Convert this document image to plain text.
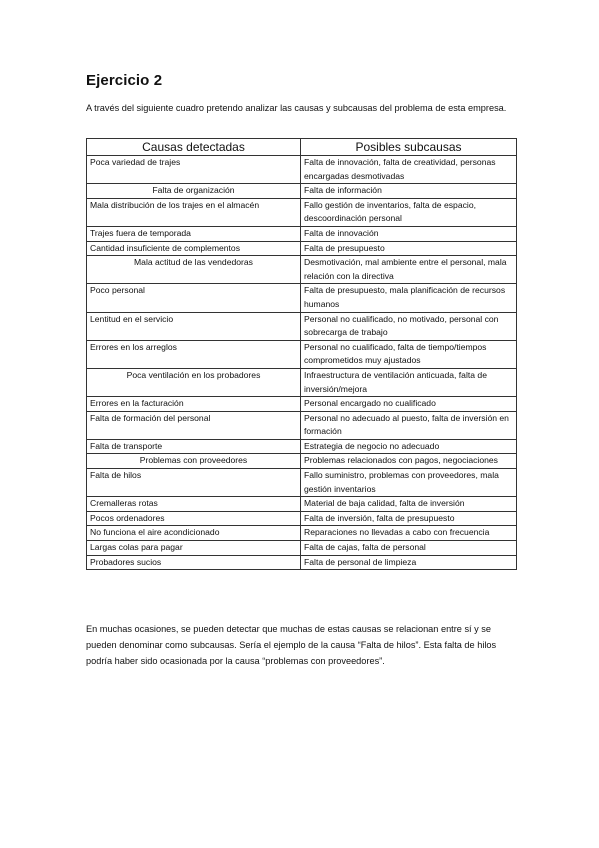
Ejercicio 2

A través del siguiente cuadro pretendo analizar las causas y subcausas del problema de esta empresa.

Causas detectadas	Posibles subcausas
Poca variedad de trajes	Falta de innovación, falta de creatividad, personas encargadas desmotivadas
Falta de organización	Falta de información
Mala distribución de los trajes en el almacén	Fallo gestión de inventarios, falta de espacio, descoordinación personal
Trajes fuera de temporada	Falta de innovación
Cantidad insuficiente de complementos	Falta de presupuesto
Mala actitud de las vendedoras	Desmotivación, mal ambiente entre el personal, mala relación con la directiva
Poco personal	Falta de presupuesto, mala planificación de recursos humanos
Lentitud en el servicio	Personal no cualificado, no motivado, personal con sobrecarga de trabajo
Errores en los arreglos	Personal no cualificado, falta de tiempo/tiempos comprometidos muy ajustados
Poca ventilación en los probadores	Infraestructura de ventilación anticuada, falta de inversión/mejora
Errores en la facturación	Personal encargado no cualificado
Falta de formación del personal	Personal no adecuado al puesto, falta de inversión en formación
Falta de transporte	Estrategia de negocio no adecuado
Problemas con proveedores	Problemas relacionados con pagos, negociaciones
Falta de hilos	Fallo suministro, problemas con proveedores, mala gestión inventarios
Cremalleras rotas	Material de baja calidad, falta de inversión
Pocos ordenadores	Falta de inversión, falta de presupuesto
No funciona el aire acondicionado	Reparaciones no llevadas a cabo con frecuencia
Largas colas para pagar	Falta de cajas, falta de personal
Probadores sucios	Falta de personal de limpieza

En muchas ocasiones, se pueden detectar que muchas de estas causas se relacionan entre sí y se pueden denominar como subcausas. Sería el ejemplo de la causa “Falta de hilos”. Esta falta de hilos podría haber sido ocasionada por la causa “problemas con proveedores”.
